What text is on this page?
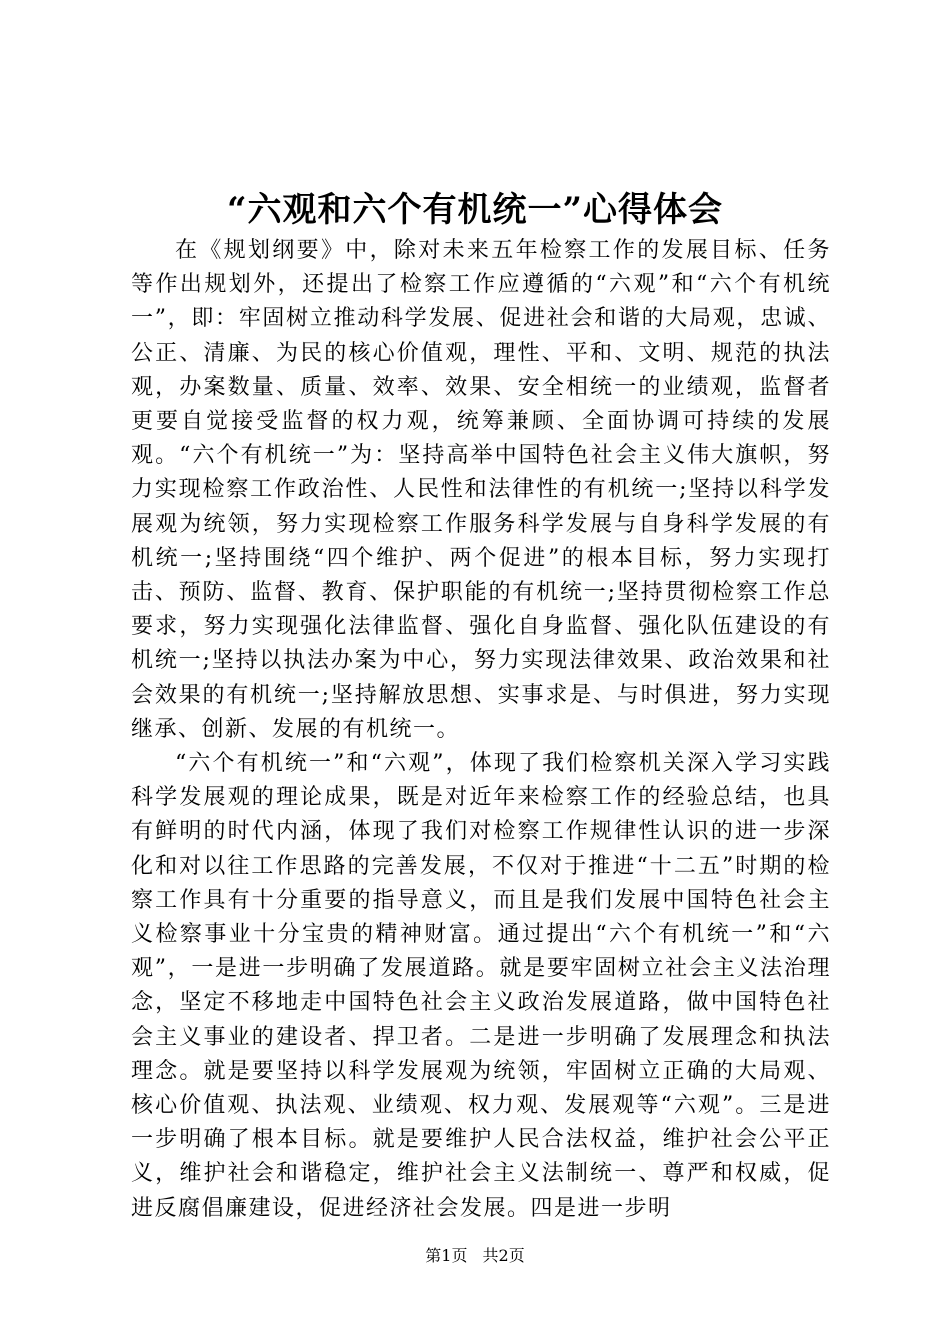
“六观和六个有机统一”心得体会

在《规划纲要》中，除对未来五年检察工作的发展目标、任务等作出规划外，还提出了检察工作应遵循的“六观”和“六个有机统一”，即：牢固树立推动科学发展、促进社会和谐的大局观，忠诚、公正、清廉、为民的核心价值观，理性、平和、文明、规范的执法观，办案数量、质量、效率、效果、安全相统一的业绩观，监督者更要自觉接受监督的权力观，统筹兼顾、全面协调可持续的发展观。“六个有机统一”为：坚持高举中国特色社会主义伟大旗帜，努力实现检察工作政治性、人民性和法律性的有机统一;坚持以科学发展观为统领，努力实现检察工作服务科学发展与自身科学发展的有机统一;坚持围绕“四个维护、两个促进”的根本目标，努力实现打击、预防、监督、教育、保护职能的有机统一;坚持贯彻检察工作总要求，努力实现强化法律监督、强化自身监督、强化队伍建设的有机统一;坚持以执法办案为中心，努力实现法律效果、政治效果和社会效果的有机统一;坚持解放思想、实事求是、与时俱进，努力实现继承、创新、发展的有机统一。

“六个有机统一”和“六观”，体现了我们检察机关深入学习实践科学发展观的理论成果，既是对近年来检察工作的经验总结，也具有鲜明的时代内涵，体现了我们对检察工作规律性认识的进一步深化和对以往工作思路的完善发展，不仅对于推进“十二五”时期的检察工作具有十分重要的指导意义，而且是我们发展中国特色社会主义检察事业十分宝贵的精神财富。通过提出“六个有机统一”和“六观”，一是进一步明确了发展道路。就是要牢固树立社会主义法治理念，坚定不移地走中国特色社会主义政治发展道路，做中国特色社会主义事业的建设者、捍卫者。二是进一步明确了发展理念和执法理念。就是要坚持以科学发展观为统领，牢固树立正确的大局观、核心价值观、执法观、业绩观、权力观、发展观等“六观”。三是进一步明确了根本目标。就是要维护人民合法权益，维护社会公平正义，维护社会和谐稳定，维护社会主义法制统一、尊严和权威，促进反腐倡廉建设，促进经济社会发展。四是进一步明

第1页 共2页
